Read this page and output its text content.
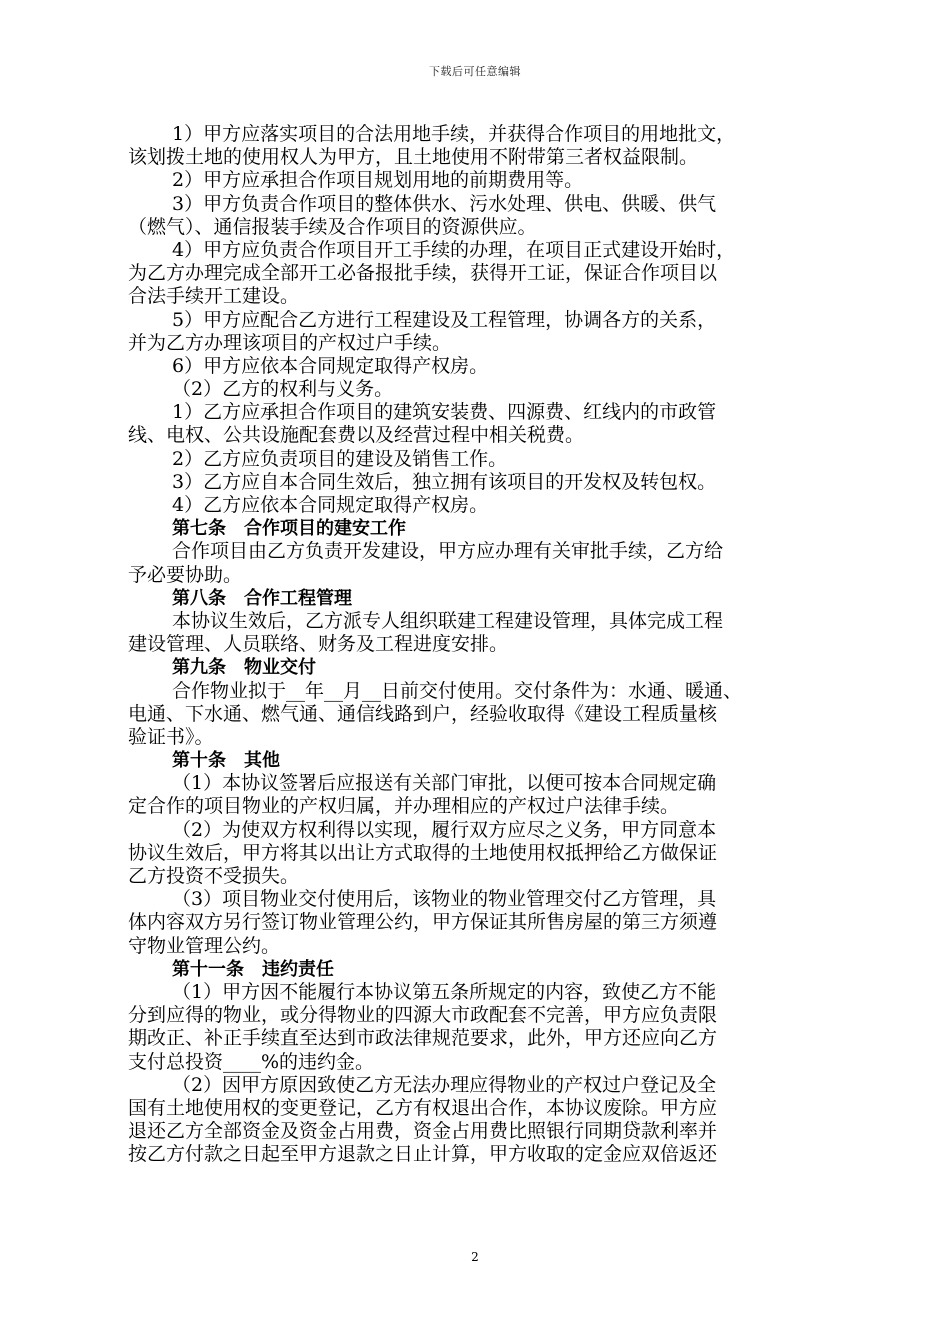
下载后可任意编辑
1）甲方应落实项目的合法用地手续，并获得合作项目的用地批文，
该划拨土地的使用权人为甲方，且土地使用不附带第三者权益限制。
2）甲方应承担合作项目规划用地的前期费用等。
3）甲方负责合作项目的整体供水、污水处理、供电、供暖、供气
（燃气）、通信报装手续及合作项目的资源供应。
4）甲方应负责合作项目开工手续的办理，在项目正式建设开始时，
为乙方办理完成全部开工必备报批手续，获得开工证，保证合作项目以
合法手续开工建设。
5）甲方应配合乙方进行工程建设及工程管理，协调各方的关系，
并为乙方办理该项目的产权过户手续。
6）甲方应依本合同规定取得产权房。
（2）乙方的权利与义务。
1）乙方应承担合作项目的建筑安装费、四源费、红线内的市政管
线、电权、公共设施配套费以及经营过程中相关税费。
2）乙方应负责项目的建设及销售工作。
3）乙方应自本合同生效后，独立拥有该项目的开发权及转包权。
4）乙方应依本合同规定取得产权房。
第七条　合作项目的建安工作
合作项目由乙方负责开发建设，甲方应办理有关审批手续，乙方给
予必要协助。
第八条　合作工程管理
本协议生效后，乙方派专人组织联建工程建设管理，具体完成工程
建设管理、人员联络、财务及工程进度安排。
第九条　物业交付
合作物业拟于__年__月__日前交付使用。交付条件为：水通、暖通、
电通、下水通、燃气通、通信线路到户，经验收取得《建设工程质量核
验证书》。
第十条　其他
（1）本协议签署后应报送有关部门审批，以便可按本合同规定确
定合作的项目物业的产权归属，并办理相应的产权过户法律手续。
（2）为使双方权利得以实现，履行双方应尽之义务，甲方同意本
协议生效后，甲方将其以出让方式取得的土地使用权抵押给乙方做保证
乙方投资不受损失。
（3）项目物业交付使用后，该物业的物业管理交付乙方管理，具
体内容双方另行签订物业管理公约，甲方保证其所售房屋的第三方须遵
守物业管理公约。
第十一条　违约责任
（1）甲方因不能履行本协议第五条所规定的内容，致使乙方不能
分到应得的物业，或分得物业的四源大市政配套不完善，甲方应负责限
期改正、补正手续直至达到市政法律规范要求，此外，甲方还应向乙方
支付总投资____%的违约金。
（2）因甲方原因致使乙方无法办理应得物业的产权过户登记及全
国有土地使用权的变更登记，乙方有权退出合作，本协议废除。甲方应
退还乙方全部资金及资金占用费，资金占用费比照银行同期贷款利率并
按乙方付款之日起至甲方退款之日止计算，甲方收取的定金应双倍返还
2
